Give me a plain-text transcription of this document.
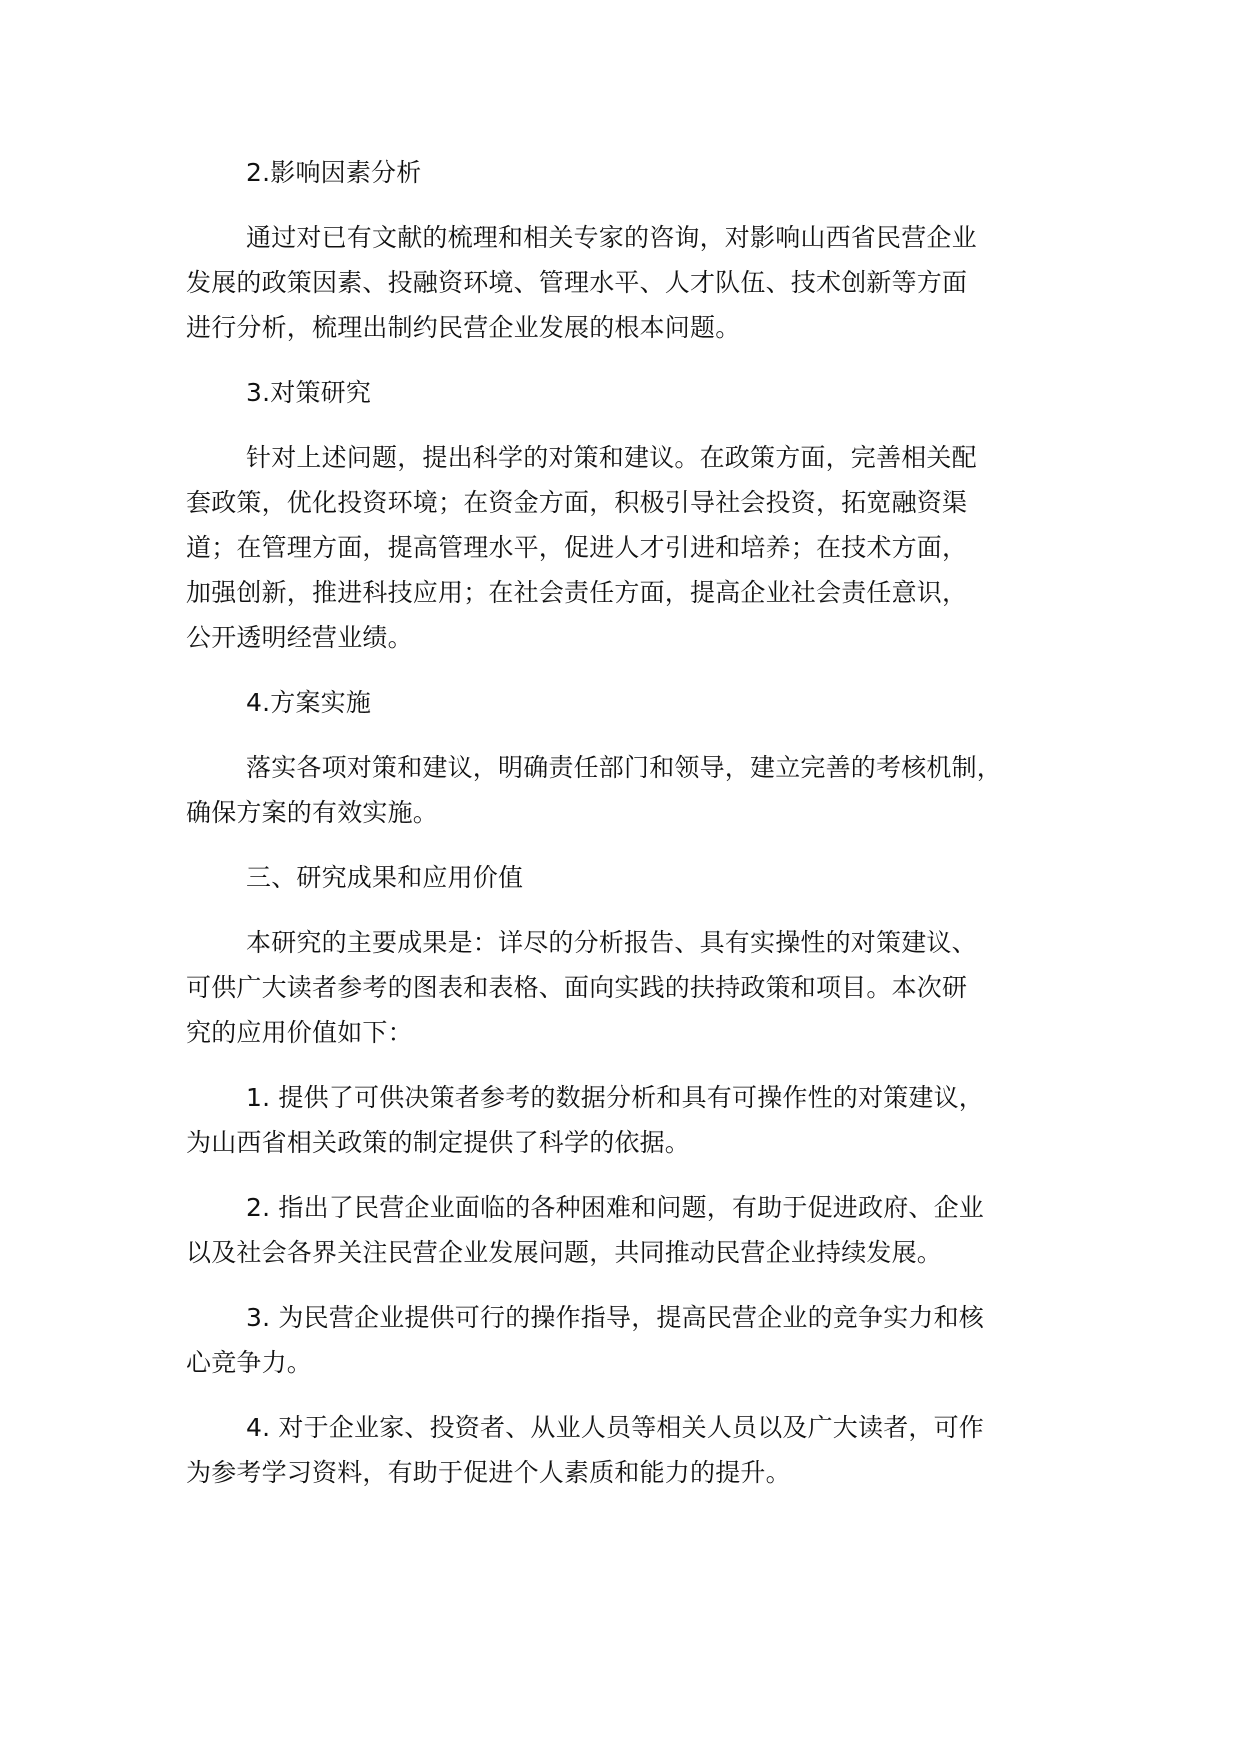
2.影响因素分析

通过对已有文献的梳理和相关专家的咨询，对影响山西省民营企业
发展的政策因素、投融资环境、管理水平、人才队伍、技术创新等方面
进行分析，梳理出制约民营企业发展的根本问题。

3.对策研究

针对上述问题，提出科学的对策和建议。在政策方面，完善相关配
套政策，优化投资环境；在资金方面，积极引导社会投资，拓宽融资渠
道；在管理方面，提高管理水平，促进人才引进和培养；在技术方面，
加强创新，推进科技应用；在社会责任方面，提高企业社会责任意识，
公开透明经营业绩。

4.方案实施

落实各项对策和建议，明确责任部门和领导，建立完善的考核机制，
确保方案的有效实施。

三、研究成果和应用价值

本研究的主要成果是：详尽的分析报告、具有实操性的对策建议、
可供广大读者参考的图表和表格、面向实践的扶持政策和项目。本次研
究的应用价值如下：

1. 提供了可供决策者参考的数据分析和具有可操作性的对策建议，
为山西省相关政策的制定提供了科学的依据。

2. 指出了民营企业面临的各种困难和问题，有助于促进政府、企业
以及社会各界关注民营企业发展问题，共同推动民营企业持续发展。

3. 为民营企业提供可行的操作指导，提高民营企业的竞争实力和核
心竞争力。

4. 对于企业家、投资者、从业人员等相关人员以及广大读者，可作
为参考学习资料，有助于促进个人素质和能力的提升。
